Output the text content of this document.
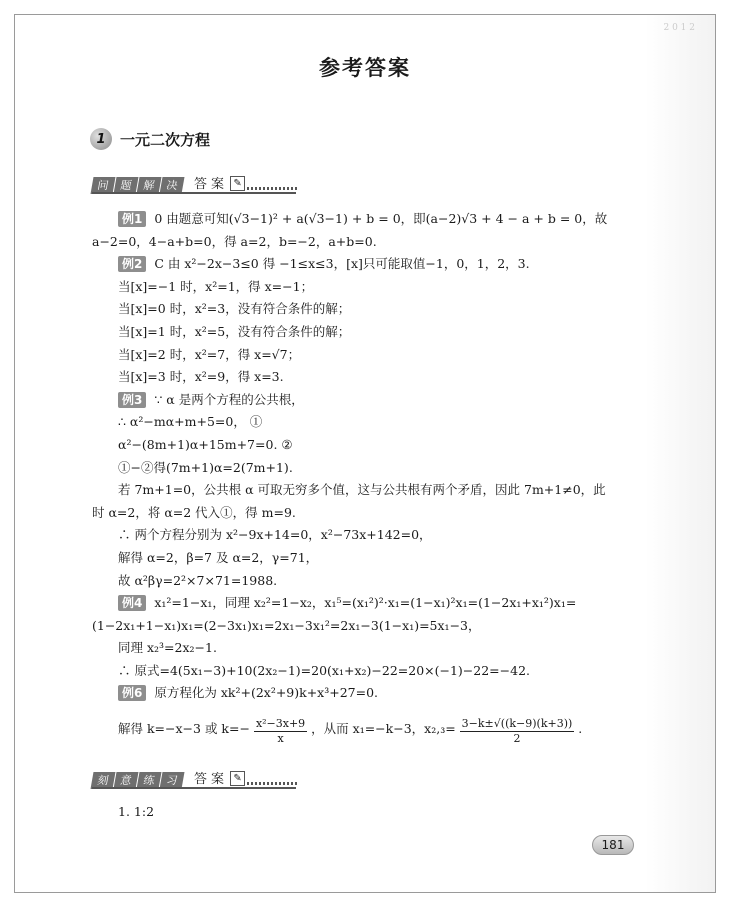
2 0 1 2
参考答案
1 一元二次方程
问 题 解 决	答案 ✎

例1 0 由题意可知(√3−1)² + a(√3−1) + b = 0，即(a−2)√3 + 4 − a + b = 0，故

a−2=0，4−a+b=0，得 a=2，b=−2，a+b=0.

例2 C 由 x²−2x−3≤0 得 −1≤x≤3，[x]只可能取值−1，0，1，2，3.

当[x]=−1 时，x²=1，得 x=−1；

当[x]=0 时，x²=3，没有符合条件的解；

当[x]=1 时，x²=5，没有符合条件的解；

当[x]=2 时，x²=7，得 x=√7；

当[x]=3 时，x²=9，得 x=3.

例3 ∵ α 是两个方程的公共根，

∴ α²−mα+m+5=0， ①

α²−(8m+1)α+15m+7=0. ②

①−②得(7m+1)α=2(7m+1).

若 7m+1=0，公共根 α 可取无穷多个值，这与公共根有两个矛盾，因此 7m+1≠0，此

时 α=2，将 α=2 代入①，得 m=9.

∴ 两个方程分别为 x²−9x+14=0，x²−73x+142=0，

解得 α=2，β=7 及 α=2，γ=71，

故 α²βγ=2²×7×71=1988.

例4 x₁²=1−x₁，同理 x₂²=1−x₂，x₁⁵=(x₁²)²·x₁=(1−x₁)²x₁=(1−2x₁+x₁²)x₁=

(1−2x₁+1−x₁)x₁=(2−3x₁)x₁=2x₁−3x₁²=2x₁−3(1−x₁)=5x₁−3，

同理 x₂³=2x₂−1.

∴ 原式=4(5x₁−3)+10(2x₂−1)=20(x₁+x₂)−22=20×(−1)−22=−42.

例6 原方程化为 xk²+(2x²+9)k+x³+27=0.

解得 k=−x−3 或 $k=- \frac{\text{x²−3x+9}}{x}$ ，从而 x₁=−k−3，$x_2,_3= \frac{3-k\pm√((k-9)(k+3))}{2}$ .

刻 意 练 习	答案 ✎
1. 1:2
181
